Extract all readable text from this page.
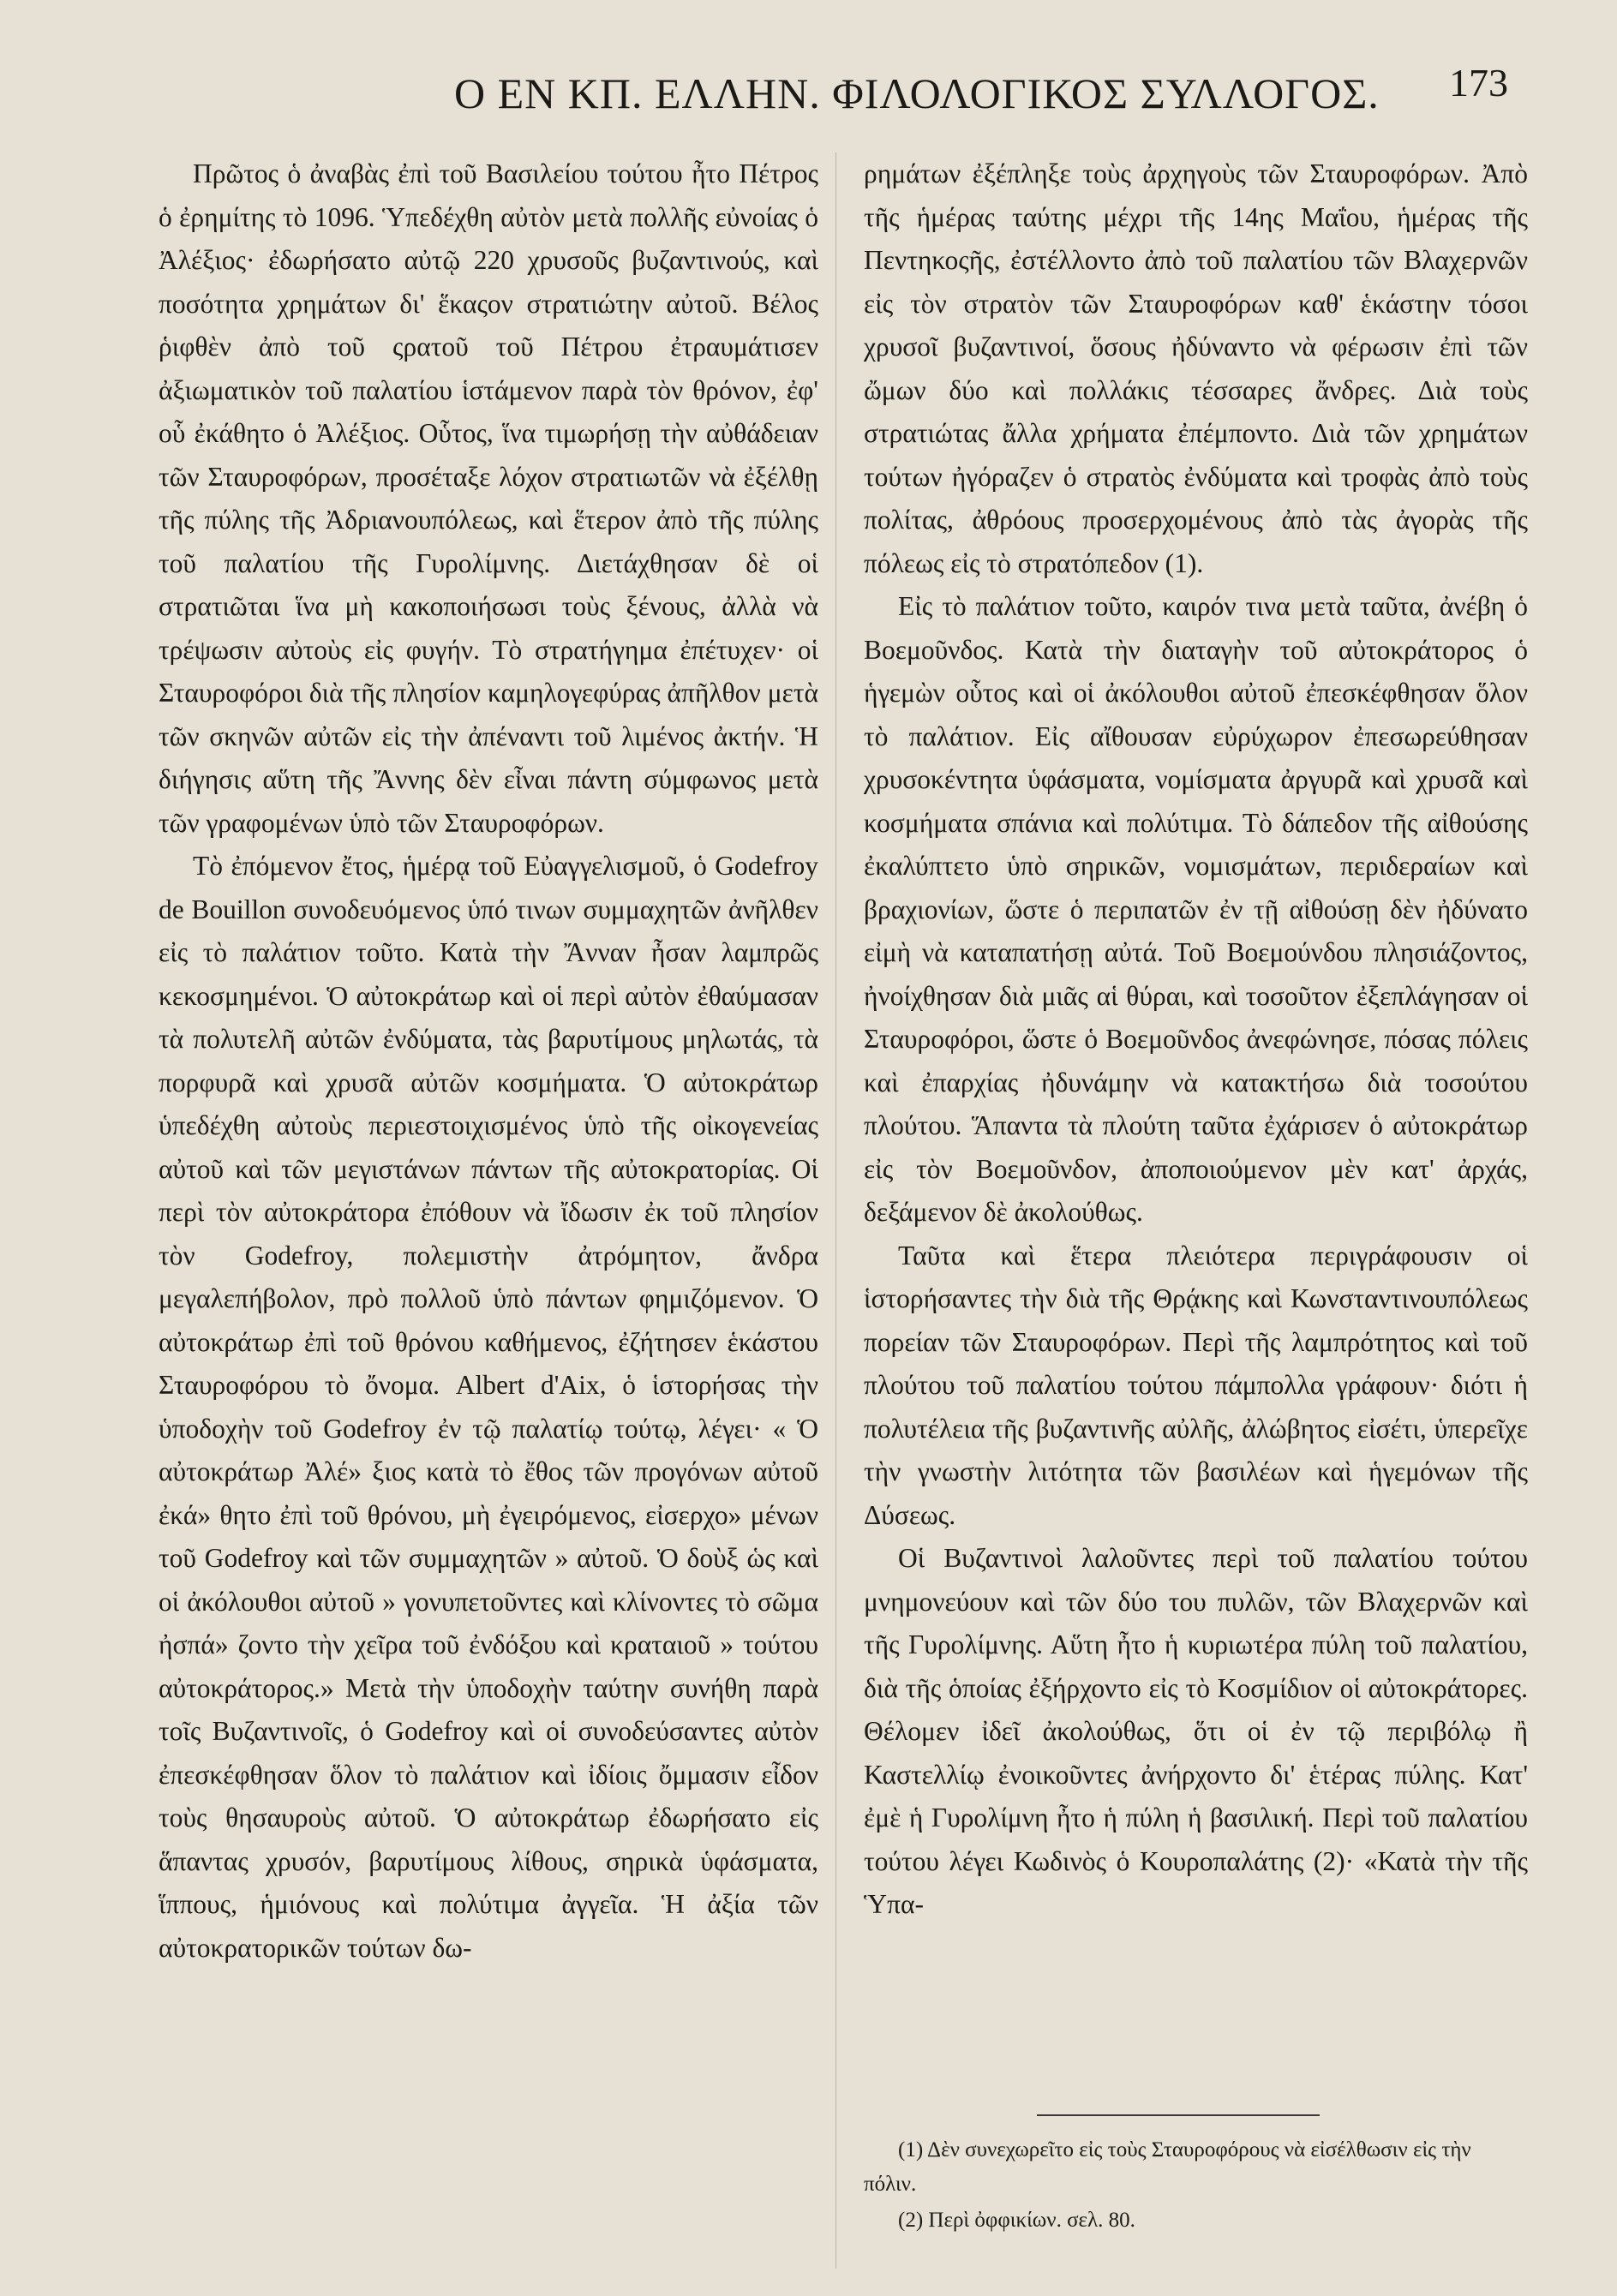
Ο ΕΝ ΚΠ. ΕΛΛΗΝ. ΦΙΛΟΛΟΓΙΚΟΣ ΣΥΛΛΟΓΟΣ. 173

Πρῶτος ὁ ἀναβὰς ἐπὶ τοῦ Βασιλείου τούτου ἦτο Πέτρος ὁ ἐρημίτης τὸ 1096. Ὑπεδέχθη αὐτὸν μετὰ πολλῆς εὐνοίας ὁ Ἀλέξιος· ἐδωρήσατο αὐτῷ 220 χρυσοῦς βυζαντινούς, καὶ ποσότητα χρημάτων δι' ἕκαςον στρατιώτην αὐτοῦ. Βέλος ῥιφθὲν ἀπὸ τοῦ ςρατοῦ τοῦ Πέτρου ἐτραυμάτισεν ἀξιωματικὸν τοῦ παλατίου ἱστάμενον παρὰ τὸν θρόνον, ἐφ' οὗ ἐκάθητο ὁ Ἀλέξιος. Οὗτος, ἵνα τιμωρήσῃ τὴν αὐθάδειαν τῶν Σταυροφόρων, προσέταξε λόχον στρατιωτῶν νὰ ἐξέλθῃ τῆς πύλης τῆς Ἀδριανουπόλεως, καὶ ἕτερον ἀπὸ τῆς πύλης τοῦ παλατίου τῆς Γυρολίμνης. Διετάχθησαν δὲ οἱ στρατιῶται ἵνα μὴ κακοποιήσωσι τοὺς ξένους, ἀλλὰ νὰ τρέψωσιν αὐτοὺς εἰς φυγήν. Τὸ στρατήγημα ἐπέτυχεν· οἱ Σταυροφόροι διὰ τῆς πλησίον καμηλογεφύρας ἀπῆλθον μετὰ τῶν σκηνῶν αὐτῶν εἰς τὴν ἀπέναντι τοῦ λιμένος ἀκτήν. Ἡ διήγησις αὕτη τῆς Ἄννης δὲν εἶναι πάντη σύμφωνος μετὰ τῶν γραφομένων ὑπὸ τῶν Σταυροφόρων.

Τὸ ἐπόμενον ἔτος, ἡμέρᾳ τοῦ Εὐαγγελισμοῦ, ὁ Godefroy de Bouillon συνοδευόμενος ὑπό τινων συμμαχητῶν ἀνῆλθεν εἰς τὸ παλάτιον τοῦτο. Κατὰ τὴν Ἄνναν ἦσαν λαμπρῶς κεκοσμημένοι. Ὁ αὐτοκράτωρ καὶ οἱ περὶ αὐτὸν ἐθαύμασαν τὰ πολυτελῆ αὐτῶν ἐνδύματα, τὰς βαρυτίμους μηλωτάς, τὰ πορφυρᾶ καὶ χρυσᾶ αὐτῶν κοσμήματα. Ὁ αὐτοκράτωρ ὑπεδέχθη αὐτοὺς περιεστοιχισμένος ὑπὸ τῆς οἰκογενείας αὐτοῦ καὶ τῶν μεγιστάνων πάντων τῆς αὐτοκρατορίας. Οἱ περὶ τὸν αὐτοκράτορα ἐπόθουν νὰ ἴδωσιν ἐκ τοῦ πλησίον τὸν Godefroy, πολεμιστὴν ἀτρόμητον, ἄνδρα μεγαλεπήβολον, πρὸ πολλοῦ ὑπὸ πάντων φημιζόμενον. Ὁ αὐτοκράτωρ ἐπὶ τοῦ θρόνου καθήμενος, ἐζήτησεν ἑκάστου Σταυροφόρου τὸ ὄνομα. Albert d'Aix, ὁ ἱστορήσας τὴν ὑποδοχὴν τοῦ Godefroy ἐν τῷ παλατίῳ τούτῳ, λέγει· « Ὁ αὐτοκράτωρ Ἀλέ» ξιος κατὰ τὸ ἔθος τῶν προγόνων αὐτοῦ ἐκά» θητο ἐπὶ τοῦ θρόνου, μὴ ἐγειρόμενος, εἰσερχο» μένων τοῦ Godefroy καὶ τῶν συμμαχητῶν » αὐτοῦ. Ὁ δοὺξ ὡς καὶ οἱ ἀκόλουθοι αὐτοῦ » γονυπετοῦντες καὶ κλίνοντες τὸ σῶμα ἠσπά» ζοντο τὴν χεῖρα τοῦ ἐνδόξου καὶ κραταιοῦ » τούτου αὐτοκράτορος.» Μετὰ τὴν ὑποδοχὴν ταύτην συνήθη παρὰ τοῖς Βυζαντινοῖς, ὁ Godefroy καὶ οἱ συνοδεύσαντες αὐτὸν ἐπεσκέφθησαν ὅλον τὸ παλάτιον καὶ ἰδίοις ὄμμασιν εἶδον τοὺς θησαυροὺς αὐτοῦ. Ὁ αὐτοκράτωρ ἐδωρήσατο εἰς ἅπαντας χρυσόν, βαρυτίμους λίθους, σηρικὰ ὑφάσματα, ἵππους, ἡμιόνους καὶ πολύτιμα ἀγγεῖα. Ἡ ἀξία τῶν αὐτοκρατορικῶν τούτων δω-

ρημάτων ἐξέπληξε τοὺς ἀρχηγοὺς τῶν Σταυροφόρων. Ἀπὸ τῆς ἡμέρας ταύτης μέχρι τῆς 14ης Μαΐου, ἡμέρας τῆς Πεντηκοςῆς, ἐστέλλοντο ἀπὸ τοῦ παλατίου τῶν Βλαχερνῶν εἰς τὸν στρατὸν τῶν Σταυροφόρων καθ' ἑκάστην τόσοι χρυσοῖ βυζαντινοί, ὅσους ἠδύναντο νὰ φέρωσιν ἐπὶ τῶν ὤμων δύο καὶ πολλάκις τέσσαρες ἄνδρες. Διὰ τοὺς στρατιώτας ἄλλα χρήματα ἐπέμποντο. Διὰ τῶν χρημάτων τούτων ἠγόραζεν ὁ στρατὸς ἐνδύματα καὶ τροφὰς ἀπὸ τοὺς πολίτας, ἀθρόους προσερχομένους ἀπὸ τὰς ἀγορὰς τῆς πόλεως εἰς τὸ στρατόπεδον (1).

Εἰς τὸ παλάτιον τοῦτο, καιρόν τινα μετὰ ταῦτα, ἀνέβη ὁ Βοεμοῦνδος. Κατὰ τὴν διαταγὴν τοῦ αὐτοκράτορος ὁ ἡγεμὼν οὗτος καὶ οἱ ἀκόλουθοι αὐτοῦ ἐπεσκέφθησαν ὅλον τὸ παλάτιον. Εἰς αἴθουσαν εὐρύχωρον ἐπεσωρεύθησαν χρυσοκέντητα ὑφάσματα, νομίσματα ἀργυρᾶ καὶ χρυσᾶ καὶ κοσμήματα σπάνια καὶ πολύτιμα. Τὸ δάπεδον τῆς αἰθούσης ἐκαλύπτετο ὑπὸ σηρικῶν, νομισμάτων, περιδεραίων καὶ βραχιονίων, ὥστε ὁ περιπατῶν ἐν τῇ αἰθούσῃ δὲν ἠδύνατο εἰμὴ νὰ καταπατήσῃ αὐτά. Τοῦ Βοεμούνδου πλησιάζοντος, ἠνοίχθησαν διὰ μιᾶς αἱ θύραι, καὶ τοσοῦτον ἐξεπλάγησαν οἱ Σταυροφόροι, ὥστε ὁ Βοεμοῦνδος ἀνεφώνησε, πόσας πόλεις καὶ ἐπαρχίας ἠδυνάμην νὰ κατακτήσω διὰ τοσούτου πλούτου. Ἅπαντα τὰ πλούτη ταῦτα ἐχάρισεν ὁ αὐτοκράτωρ εἰς τὸν Βοεμοῦνδον, ἀποποιούμενον μὲν κατ' ἀρχάς, δεξάμενον δὲ ἀκολούθως.

Ταῦτα καὶ ἕτερα πλειότερα περιγράφουσιν οἱ ἱστορήσαντες τὴν διὰ τῆς Θρᾴκης καὶ Κωνσταντινουπόλεως πορείαν τῶν Σταυροφόρων. Περὶ τῆς λαμπρότητος καὶ τοῦ πλούτου τοῦ παλατίου τούτου πάμπολλα γράφουν· διότι ἡ πολυτέλεια τῆς βυζαντινῆς αὐλῆς, ἀλώβητος εἰσέτι, ὑπερεῖχε τὴν γνωστὴν λιτότητα τῶν βασιλέων καὶ ἡγεμόνων τῆς Δύσεως.

Οἱ Βυζαντινοὶ λαλοῦντες περὶ τοῦ παλατίου τούτου μνημονεύουν καὶ τῶν δύο του πυλῶν, τῶν Βλαχερνῶν καὶ τῆς Γυρολίμνης. Αὕτη ἦτο ἡ κυριωτέρα πύλη τοῦ παλατίου, διὰ τῆς ὁποίας ἐξήρχοντο εἰς τὸ Κοσμίδιον οἱ αὐτοκράτορες. Θέλομεν ἰδεῖ ἀκολούθως, ὅτι οἱ ἐν τῷ περιβόλῳ ἢ Καστελλίῳ ἐνοικοῦντες ἀνήρχοντο δι' ἑτέρας πύλης. Κατ' ἐμὲ ἡ Γυρολίμνη ἦτο ἡ πύλη ἡ βασιλική. Περὶ τοῦ παλατίου τούτου λέγει Κωδινὸς ὁ Κουροπαλάτης (2)· «Κατὰ τὴν τῆς Ὑπα-

(1) Δὲν συνεχωρεῖτο εἰς τοὺς Σταυροφόρους νὰ εἰσέλθωσιν εἰς τὴν πόλιν.

(2) Περὶ ὀφφικίων. σελ. 80.
